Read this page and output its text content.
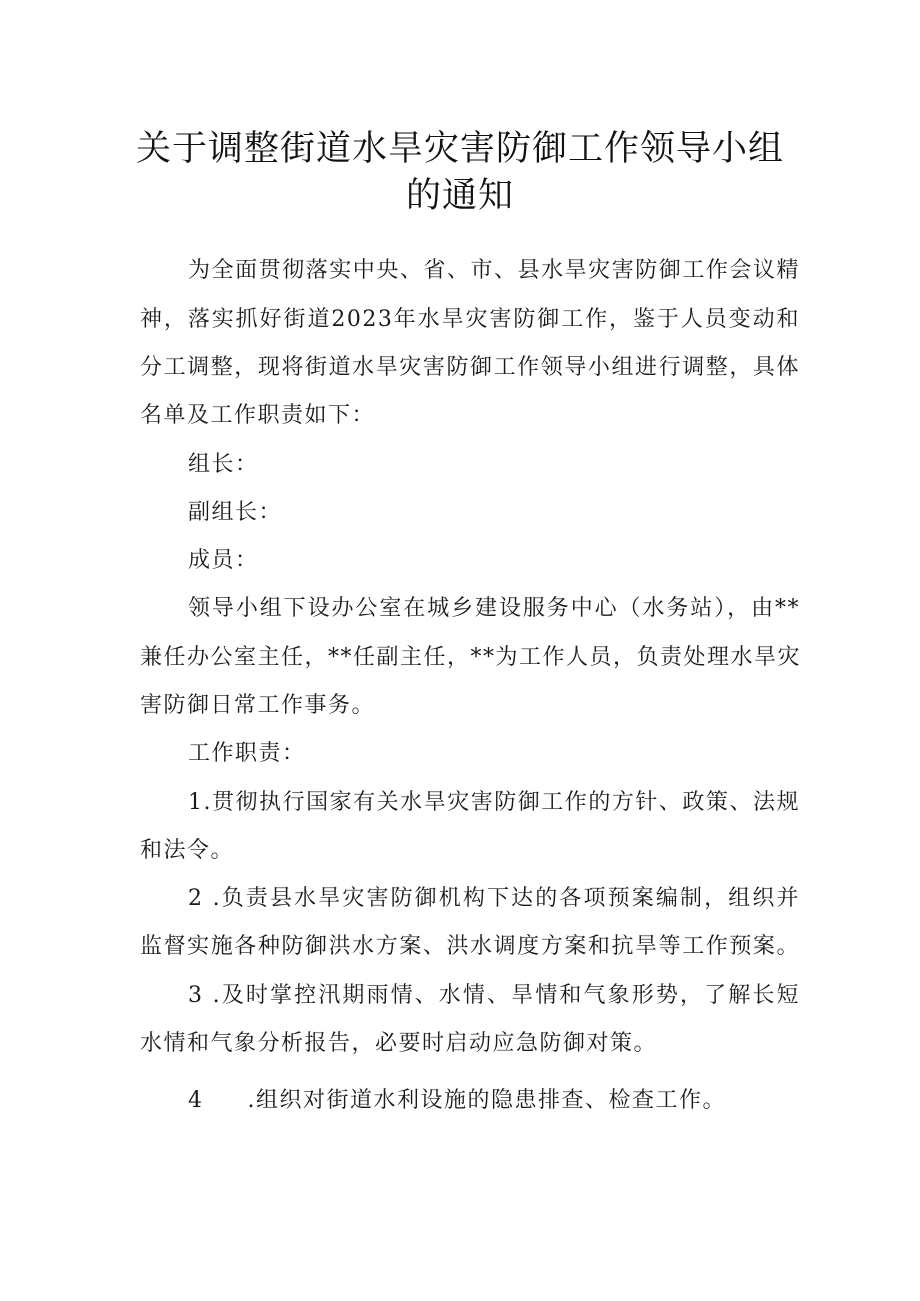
关于调整街道水旱灾害防御工作领导小组
的通知
为全面贯彻落实中央、省、市、县水旱灾害防御工作会议精
神，落实抓好街道2023年水旱灾害防御工作，鉴于人员变动和
分工调整，现将街道水旱灾害防御工作领导小组进行调整，具体
名单及工作职责如下：
组长：
副组长：
成员：
领导小组下设办公室在城乡建设服务中心（水务站），由**
兼任办公室主任，**任副主任，**为工作人员，负责处理水旱灾
害防御日常工作事务。
工作职责：
1.贯彻执行国家有关水旱灾害防御工作的方针、政策、法规
和法令。
2 .负责县水旱灾害防御机构下达的各项预案编制，组织并
监督实施各种防御洪水方案、洪水调度方案和抗旱等工作预案。
3 .及时掌控汛期雨情、水情、旱情和气象形势，了解长短
水情和气象分析报告，必要时启动应急防御对策。
4 .组织对街道水利设施的隐患排查、检查工作。
